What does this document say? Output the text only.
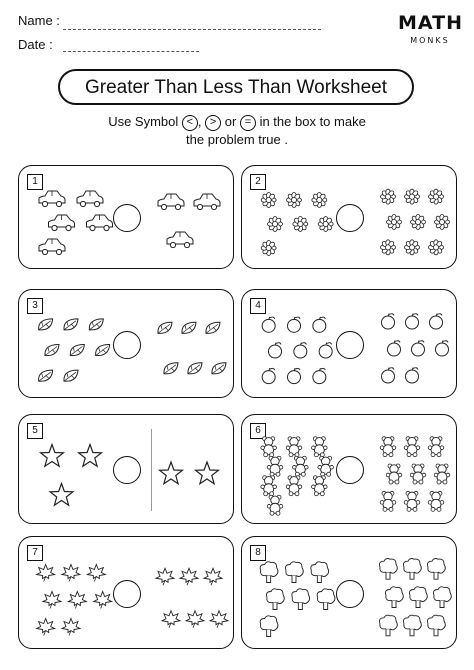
Name :
Date :
MATH
MONKS
Greater Than Less Than Worksheet
Use Symbol < , > or = in the box to make
the problem true .
1	2
3	4
5	6
7	8
